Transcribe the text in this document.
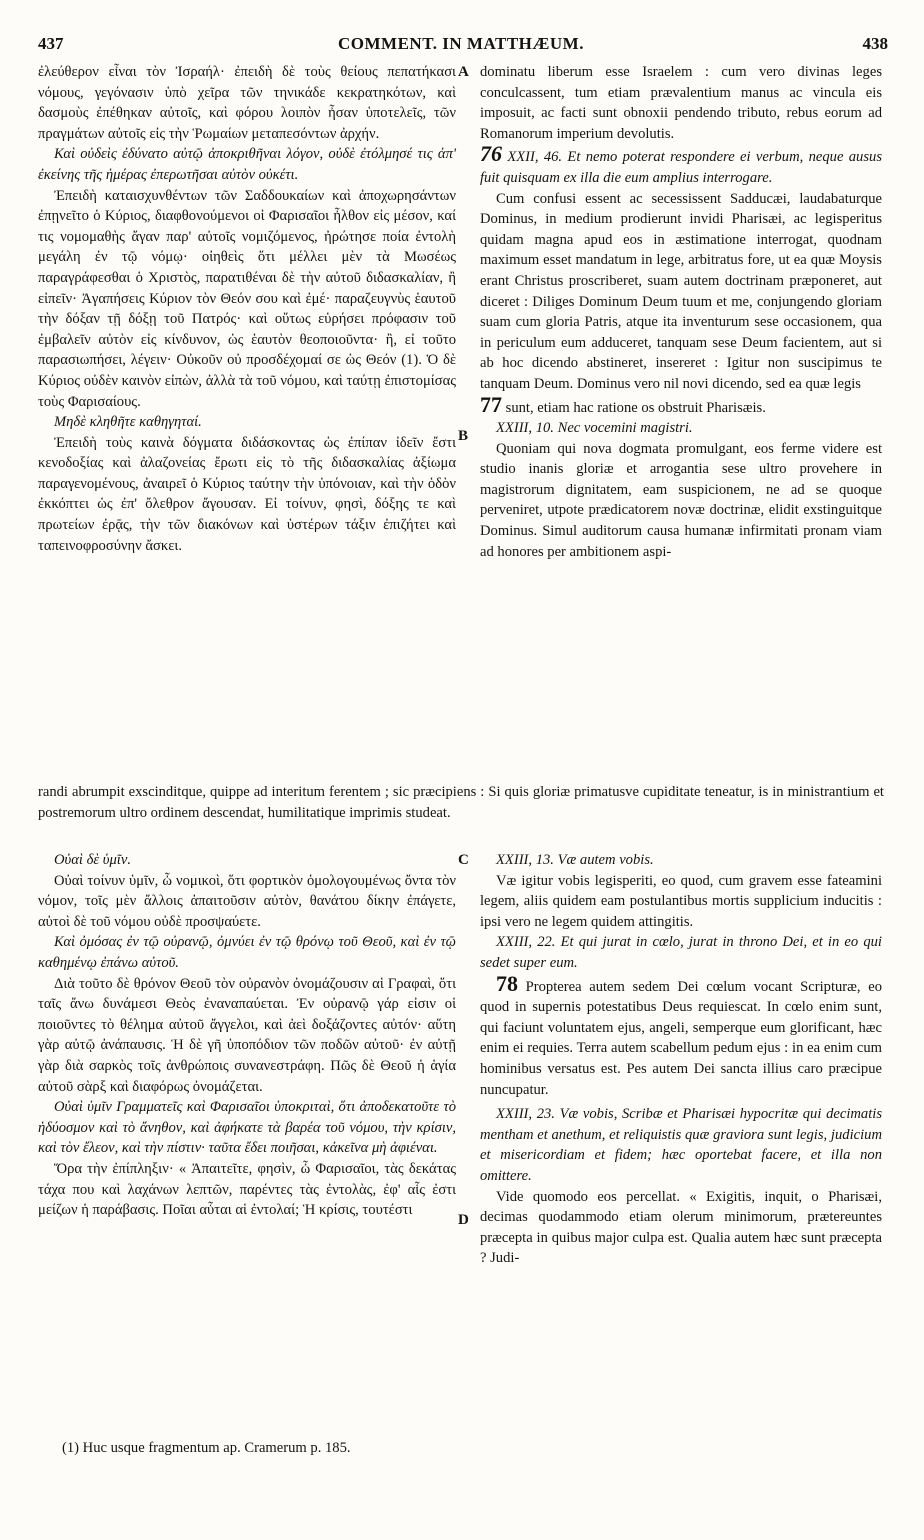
437	COMMENT. IN MATTHÆUM.	438

ἐλεύθερον εἶναι τὸν Ἰσραήλ· ἐπειδὴ δὲ τοὺς θείους πεπατήκασι νόμους, γεγόνασιν ὑπὸ χεῖρα τῶν τηνικάδε κεκρατηκότων, καὶ δασμοὺς ἐπέθηκαν αὐτοῖς, καὶ φόρου λοιπὸν ἦσαν ὑποτελεῖς, τῶν πραγμάτων αὐτοῖς εἰς τὴν Ῥωμαίων μεταπεσόντων ἀρχήν.

Καὶ οὐδεὶς ἐδύνατο αὐτῷ ἀποκριθῆναι λόγον, οὐδὲ ἐτόλμησέ τις ἀπ' ἐκείνης τῆς ἡμέρας ἐπερωτῆσαι αὐτὸν οὐκέτι.

Ἐπειδὴ καταισχυνθέντων τῶν Σαδδουκαίων καὶ ἀποχωρησάντων ἐπῃνεῖτο ὁ Κύριος, διαφθονούμενοι οἱ Φαρισαῖοι ἦλθον εἰς μέσον, καί τις νομομαθὴς ἄγαν παρ' αὐτοῖς νομιζόμενος, ἠρώτησε ποία ἐντολὴ μεγάλη ἐν τῷ νόμῳ· οἰηθεὶς ὅτι μέλλει μὲν τὰ Μωσέως παραγράφεσθαι ὁ Χριστὸς, παρατιθέναι δὲ τὴν αὐτοῦ διδασκαλίαν, ἢ εἰπεῖν· Ἀγαπήσεις Κύριον τὸν Θεόν σου καὶ ἐμέ· παραζευγνὺς ἑαυτοῦ τὴν δόξαν τῇ δόξῃ τοῦ Πατρός· καὶ οὕτως εὑρήσει πρόφασιν τοῦ ἐμβαλεῖν αὐτὸν εἰς κίνδυνον, ὡς ἑαυτὸν θεοποιοῦντα· ἢ, εἰ τοῦτο παρασιωπήσει, λέγειν· Οὐκοῦν οὐ προσδέχομαί σε ὡς Θεόν (1). Ὁ δὲ Κύριος οὐδὲν καινὸν εἰπὼν, ἀλλὰ τὰ τοῦ νόμου, καὶ ταύτῃ ἐπιστομίσας τοὺς Φαρισαίους.

Μηδὲ κληθῆτε καθηγηταί.

Ἐπειδὴ τοὺς καινὰ δόγματα διδάσκοντας ὡς ἐπίπαν ἰδεῖν ἔστι κενοδοξίας καὶ ἀλαζονείας ἔρωτι εἰς τὸ τῆς διδασκαλίας ἀξίωμα παραγενομένους, ἀναιρεῖ ὁ Κύριος ταύτην τὴν ὑπόνοιαν, καὶ τὴν ὁδὸν ἐκκόπτει ὡς ἐπ' ὄλεθρον ἄγουσαν. Εἰ τοίνυν, φησὶ, δόξης τε καὶ πρωτείων ἐρᾷς, τὴν τῶν διακόνων καὶ ὑστέρων τάξιν ἐπιζήτει καὶ ταπεινοφροσύνην ἄσκει.

A
B

dominatu liberum esse Israelem : cum vero divinas leges conculcassent, tum etiam prævalentium manus ac vincula eis imposuit, ac facti sunt obnoxii pendendo tributo, rebus eorum ad Romanorum imperium devolutis.

76 XXII, 46. Et nemo poterat respondere ei verbum, neque ausus fuit quisquam ex illa die eum amplius interrogare.

Cum confusi essent ac secessissent Sadducæi, laudabaturque Dominus, in medium prodierunt invidi Pharisæi, ac legisperitus quidam magna apud eos in æstimatione interrogat, quodnam maximum esset mandatum in lege, arbitratus fore, ut ea quæ Moysis erant Christus proscriberet, suam autem doctrinam præponeret, aut diceret : Diliges Dominum Deum tuum et me, conjungendo gloriam suam cum gloria Patris, atque ita inventurum sese occasionem, qua in periculum eum adduceret, tanquam sese Deum facientem, aut si ab hoc dicendo abstineret, insereret : Igitur non suscipimus te tanquam Deum. Dominus vero nil novi dicendo, sed ea quæ legis

77 sunt, etiam hac ratione os obstruit Pharisæis.

XXIII, 10. Nec vocemini magistri.

Quoniam qui nova dogmata promulgant, eos ferme videre est studio inanis gloriæ et arrogantia sese ultro provehere in magistrorum dignitatem, eam suspicionem, ne ad se quoque perveniret, utpote prædicatorem novæ doctrinæ, elidit exstinguitque Dominus. Simul auditorum causa humanæ infirmitati pronam viam ad honores per ambitionem aspi-

randi abrumpit exscinditque, quippe ad interitum ferentem ; sic præcipiens : Si quis gloriæ primatusve cupiditate teneatur, is in ministrantium et postremorum ultro ordinem descendat, humilitatique imprimis studeat.
C
D

Οὐαὶ δὲ ὑμῖν.

Οὐαὶ τοίνυν ὑμῖν, ὦ νομικοὶ, ὅτι φορτικὸν ὁμολογουμένως ὄντα τὸν νόμον, τοῖς μὲν ἄλλοις ἀπαιτοῦσιν αὐτὸν, θανάτου δίκην ἐπάγετε, αὐτοὶ δὲ τοῦ νόμου οὐδὲ προσψαύετε.

Καὶ ὀμόσας ἐν τῷ οὐρανῷ, ὀμνύει ἐν τῷ θρόνῳ τοῦ Θεοῦ, καὶ ἐν τῷ καθημένῳ ἐπάνω αὐτοῦ.

Διὰ τοῦτο δὲ θρόνον Θεοῦ τὸν οὐρανὸν ὀνομάζουσιν αἱ Γραφαὶ, ὅτι ταῖς ἄνω δυνάμεσι Θεὸς ἐναναπαύεται. Ἐν οὐρανῷ γάρ εἰσιν οἱ ποιοῦντες τὸ θέλημα αὐτοῦ ἄγγελοι, καὶ ἀεὶ δοξάζοντες αὐτόν· αὕτη γὰρ αὐτῷ ἀνάπαυσις. Ἡ δὲ γῆ ὑποπόδιον τῶν ποδῶν αὐτοῦ· ἐν αὐτῇ γὰρ διὰ σαρκὸς τοῖς ἀνθρώποις συνανεστράφη. Πῶς δὲ Θεοῦ ἡ ἁγία αὐτοῦ σὰρξ καὶ διαφόρως ὀνομάζεται.

Οὐαὶ ὑμῖν Γραμματεῖς καὶ Φαρισαῖοι ὑποκριταὶ, ὅτι ἀποδεκατοῦτε τὸ ἡδύοσμον καὶ τὸ ἄνηθον, καὶ ἀφήκατε τὰ βαρέα τοῦ νόμου, τὴν κρίσιν, καὶ τὸν ἔλεον, καὶ τὴν πίστιν· ταῦτα ἔδει ποιῆσαι, κἀκεῖνα μὴ ἀφιέναι.

Ὅρα τὴν ἐπίπληξιν· « Ἀπαιτεῖτε, φησὶν, ὦ Φαρισαῖοι, τὰς δεκάτας τάχα που καὶ λαχάνων λεπτῶν, παρέντες τὰς ἐντολὰς, ἐφ' αἷς ἐστι μείζων ἡ παράβασις. Ποῖαι αὗται αἱ ἐντολαί; Ἡ κρίσις, τουτέστι

XXIII, 13. Væ autem vobis.

Væ igitur vobis legisperiti, eo quod, cum gravem esse fateamini legem, aliis quidem eam postulantibus mortis supplicium inducitis : ipsi vero ne legem quidem attingitis.

XXIII, 22. Et qui jurat in cœlo, jurat in throno Dei, et in eo qui sedet super eum.

78 Propterea autem sedem Dei cœlum vocant Scripturæ, eo quod in supernis potestatibus Deus requiescat. In cœlo enim sunt, qui faciunt voluntatem ejus, angeli, semperque eum glorificant, hæc enim ei requies. Terra autem scabellum pedum ejus : in ea enim cum hominibus versatus est. Pes autem Dei sancta illius caro præcipue nuncupatur.

XXIII, 23. Væ vobis, Scribæ et Pharisæi hypocritæ qui decimatis mentham et anethum, et reliquistis quæ graviora sunt legis, judicium et misericordiam et fidem; hæc oportebat facere, et illa non omittere.

Vide quomodo eos percellat. « Exigitis, inquit, o Pharisæi, decimas quodammodo etiam olerum minimorum, prætereuntes præcepta in quibus major culpa est. Qualia autem hæc sunt præcepta ? Judi-

(1) Huc usque fragmentum ap. Cramerum p. 185.
